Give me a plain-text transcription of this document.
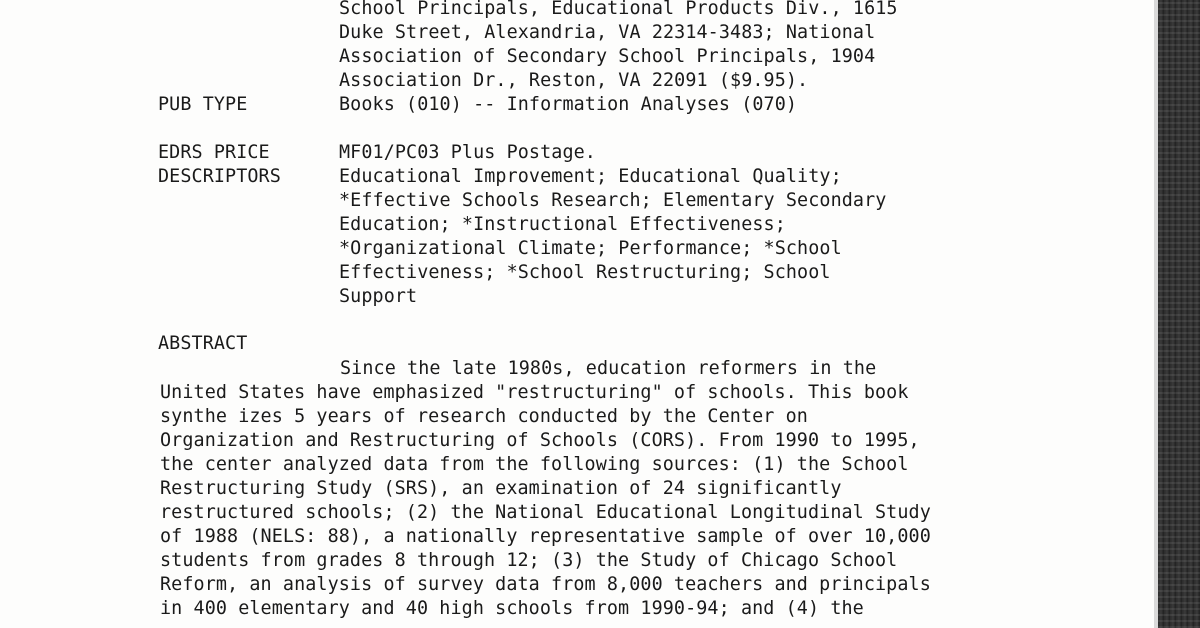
School Principals, Educational Products Div., 1615
Duke Street, Alexandria, VA 22314-3483; National
Association of Secondary School Principals, 1904
Association Dr., Reston, VA 22091 ($9.95).
PUB TYPE	Books (010) -- Information Analyses (070)
EDRS PRICE	MF01/PC03 Plus Postage.
DESCRIPTORS	Educational Improvement; Educational Quality;
*Effective Schools Research; Elementary Secondary
Education; *Instructional Effectiveness;
*Organizational Climate; Performance; *School
Effectiveness; *School Restructuring; School
Support
ABSTRACT
Since the late 1980s, education reformers in the
United States have emphasized "restructuring" of schools. This book
synthe izes 5 years of research conducted by the Center on
Organization and Restructuring of Schools (CORS). From 1990 to 1995,
the center analyzed data from the following sources: (1) the School
Restructuring Study (SRS), an examination of 24 significantly
restructured schools; (2) the National Educational Longitudinal Study
of 1988 (NELS: 88), a nationally representative sample of over 10,000
students from grades 8 through 12; (3) the Study of Chicago School
Reform, an analysis of survey data from 8,000 teachers and principals
in 400 elementary and 40 high schools from 1990-94; and (4) the
